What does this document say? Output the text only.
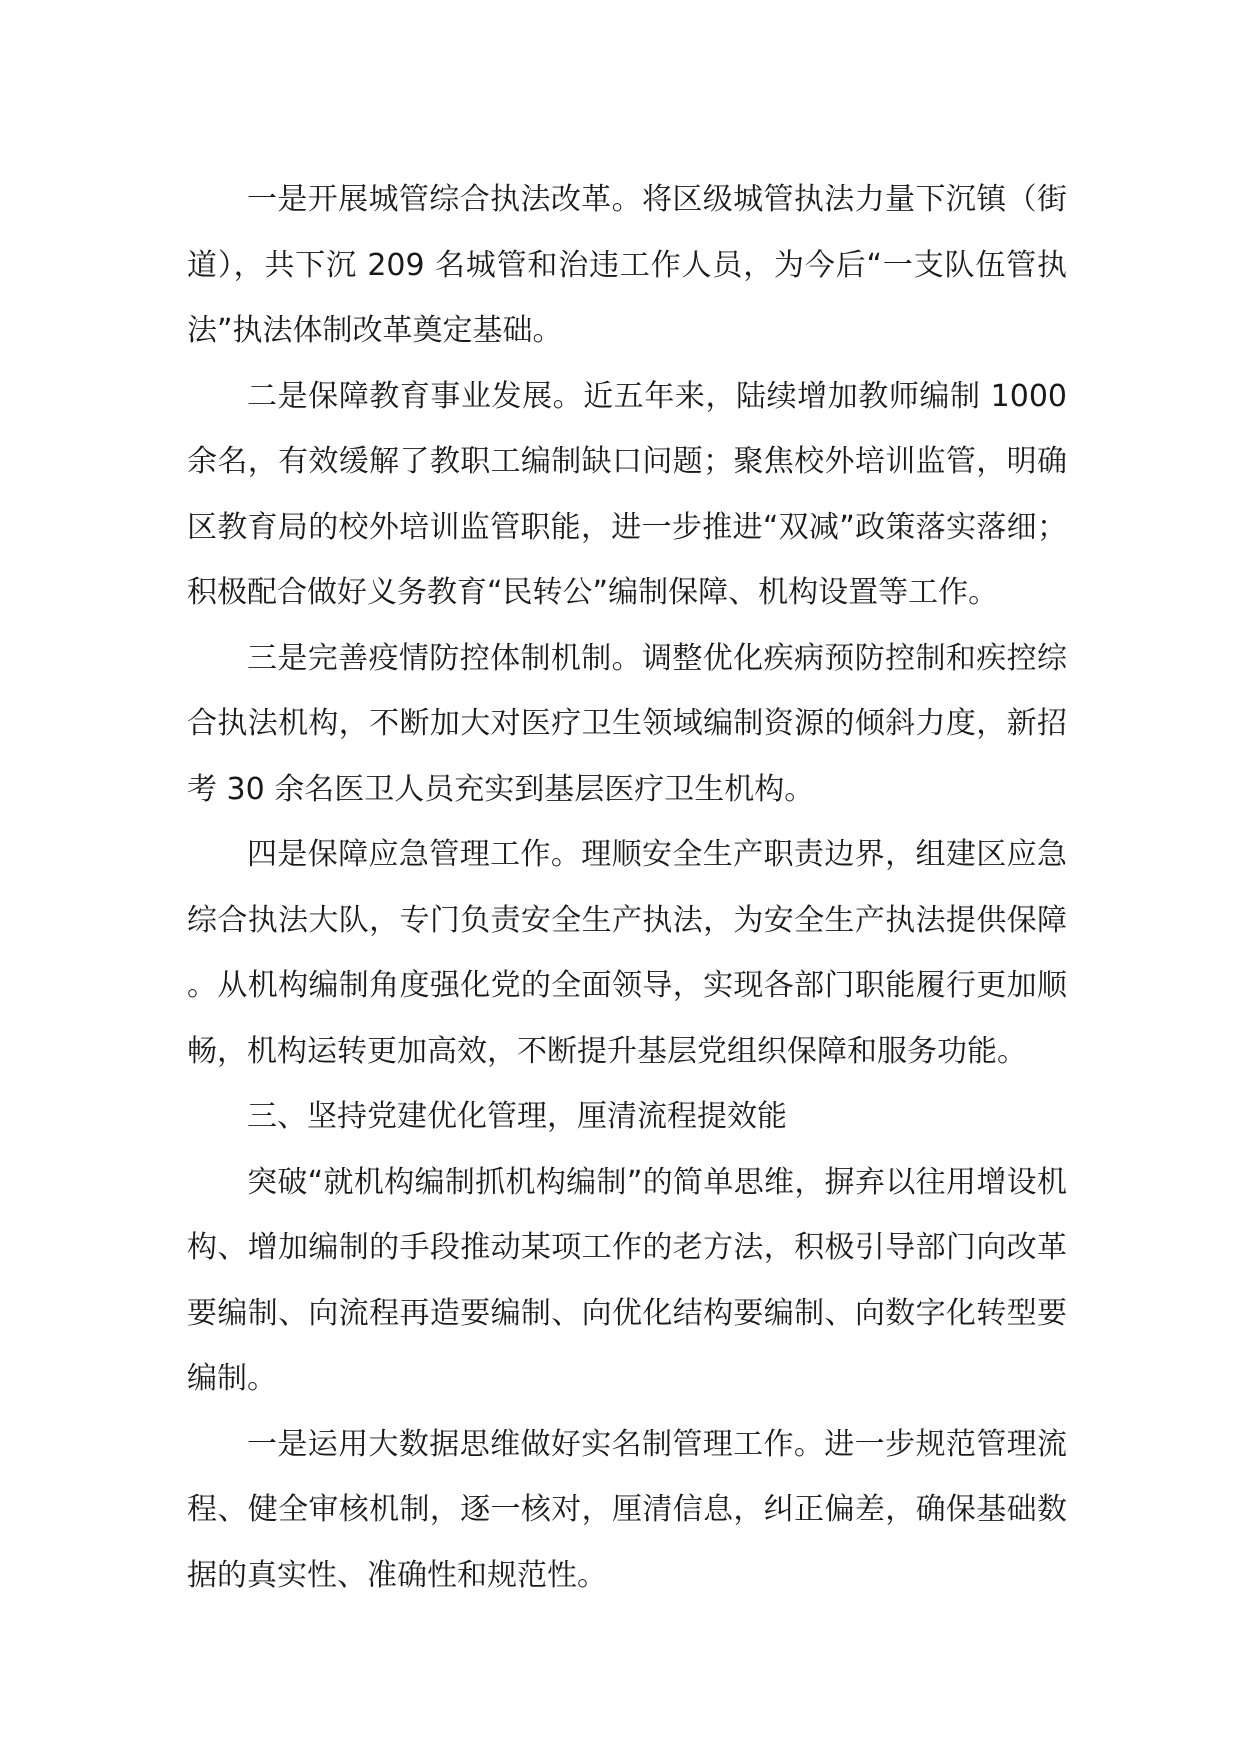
一是开展城管综合执法改革。将区级城管执法力量下沉镇（街道），共下沉 209 名城管和治违工作人员，为今后“一支队伍管执法”执法体制改革奠定基础。

二是保障教育事业发展。近五年来，陆续增加教师编制 1000 余名，有效缓解了教职工编制缺口问题；聚焦校外培训监管，明确区教育局的校外培训监管职能，进一步推进“双减”政策落实落细；积极配合做好义务教育“民转公”编制保障、机构设置等工作。

三是完善疫情防控体制机制。调整优化疾病预防控制和疾控综合执法机构，不断加大对医疗卫生领域编制资源的倾斜力度，新招考 30 余名医卫人员充实到基层医疗卫生机构。

四是保障应急管理工作。理顺安全生产职责边界，组建区应急综合执法大队，专门负责安全生产执法，为安全生产执法提供保障。从机构编制角度强化党的全面领导，实现各部门职能履行更加顺畅，机构运转更加高效，不断提升基层党组织保障和服务功能。

三、坚持党建优化管理，厘清流程提效能

突破“就机构编制抓机构编制”的简单思维，摒弃以往用增设机构、增加编制的手段推动某项工作的老方法，积极引导部门向改革要编制、向流程再造要编制、向优化结构要编制、向数字化转型要编制。

一是运用大数据思维做好实名制管理工作。进一步规范管理流程、健全审核机制，逐一核对，厘清信息，纠正偏差，确保基础数据的真实性、准确性和规范性。
